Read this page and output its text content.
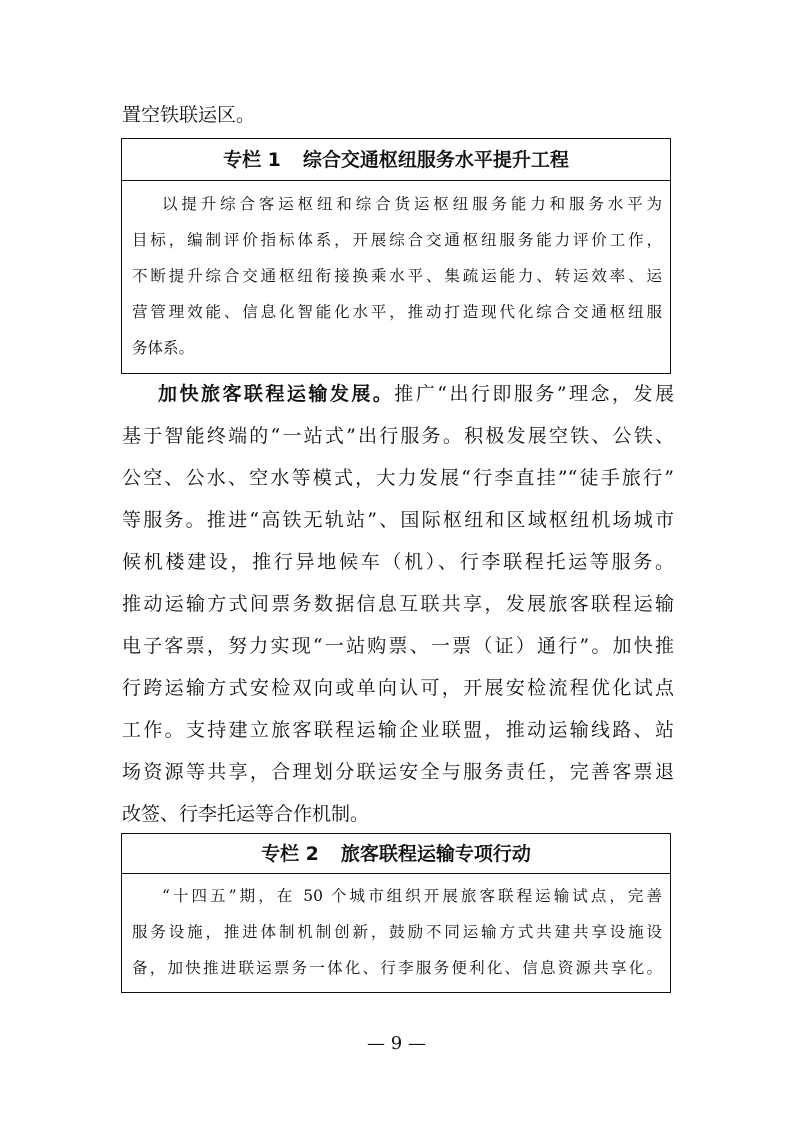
置空铁联运区。
专栏 1 综合交通枢纽服务水平提升工程
以提升综合客运枢纽和综合货运枢纽服务能力和服务水平为
目标，编制评价指标体系，开展综合交通枢纽服务能力评价工作，
不断提升综合交通枢纽衔接换乘水平、集疏运能力、转运效率、运
营管理效能、信息化智能化水平，推动打造现代化综合交通枢纽服
务体系。
加快旅客联程运输发展。推广“出行即服务”理念，发展
基于智能终端的“一站式”出行服务。积极发展空铁、公铁、
公空、公水、空水等模式，大力发展“行李直挂”“徒手旅行”
等服务。推进“高铁无轨站”、国际枢纽和区域枢纽机场城市
候机楼建设，推行异地候车（机）、行李联程托运等服务。
推动运输方式间票务数据信息互联共享，发展旅客联程运输
电子客票，努力实现“一站购票、一票（证）通行”。加快推
行跨运输方式安检双向或单向认可，开展安检流程优化试点
工作。支持建立旅客联程运输企业联盟，推动运输线路、站
场资源等共享，合理划分联运安全与服务责任，完善客票退
改签、行李托运等合作机制。
专栏 2 旅客联程运输专项行动
“十四五”期，在 50 个城市组织开展旅客联程运输试点，完善
服务设施，推进体制机制创新，鼓励不同运输方式共建共享设施设
备，加快推进联运票务一体化、行李服务便利化、信息资源共享化。
— 9 —
